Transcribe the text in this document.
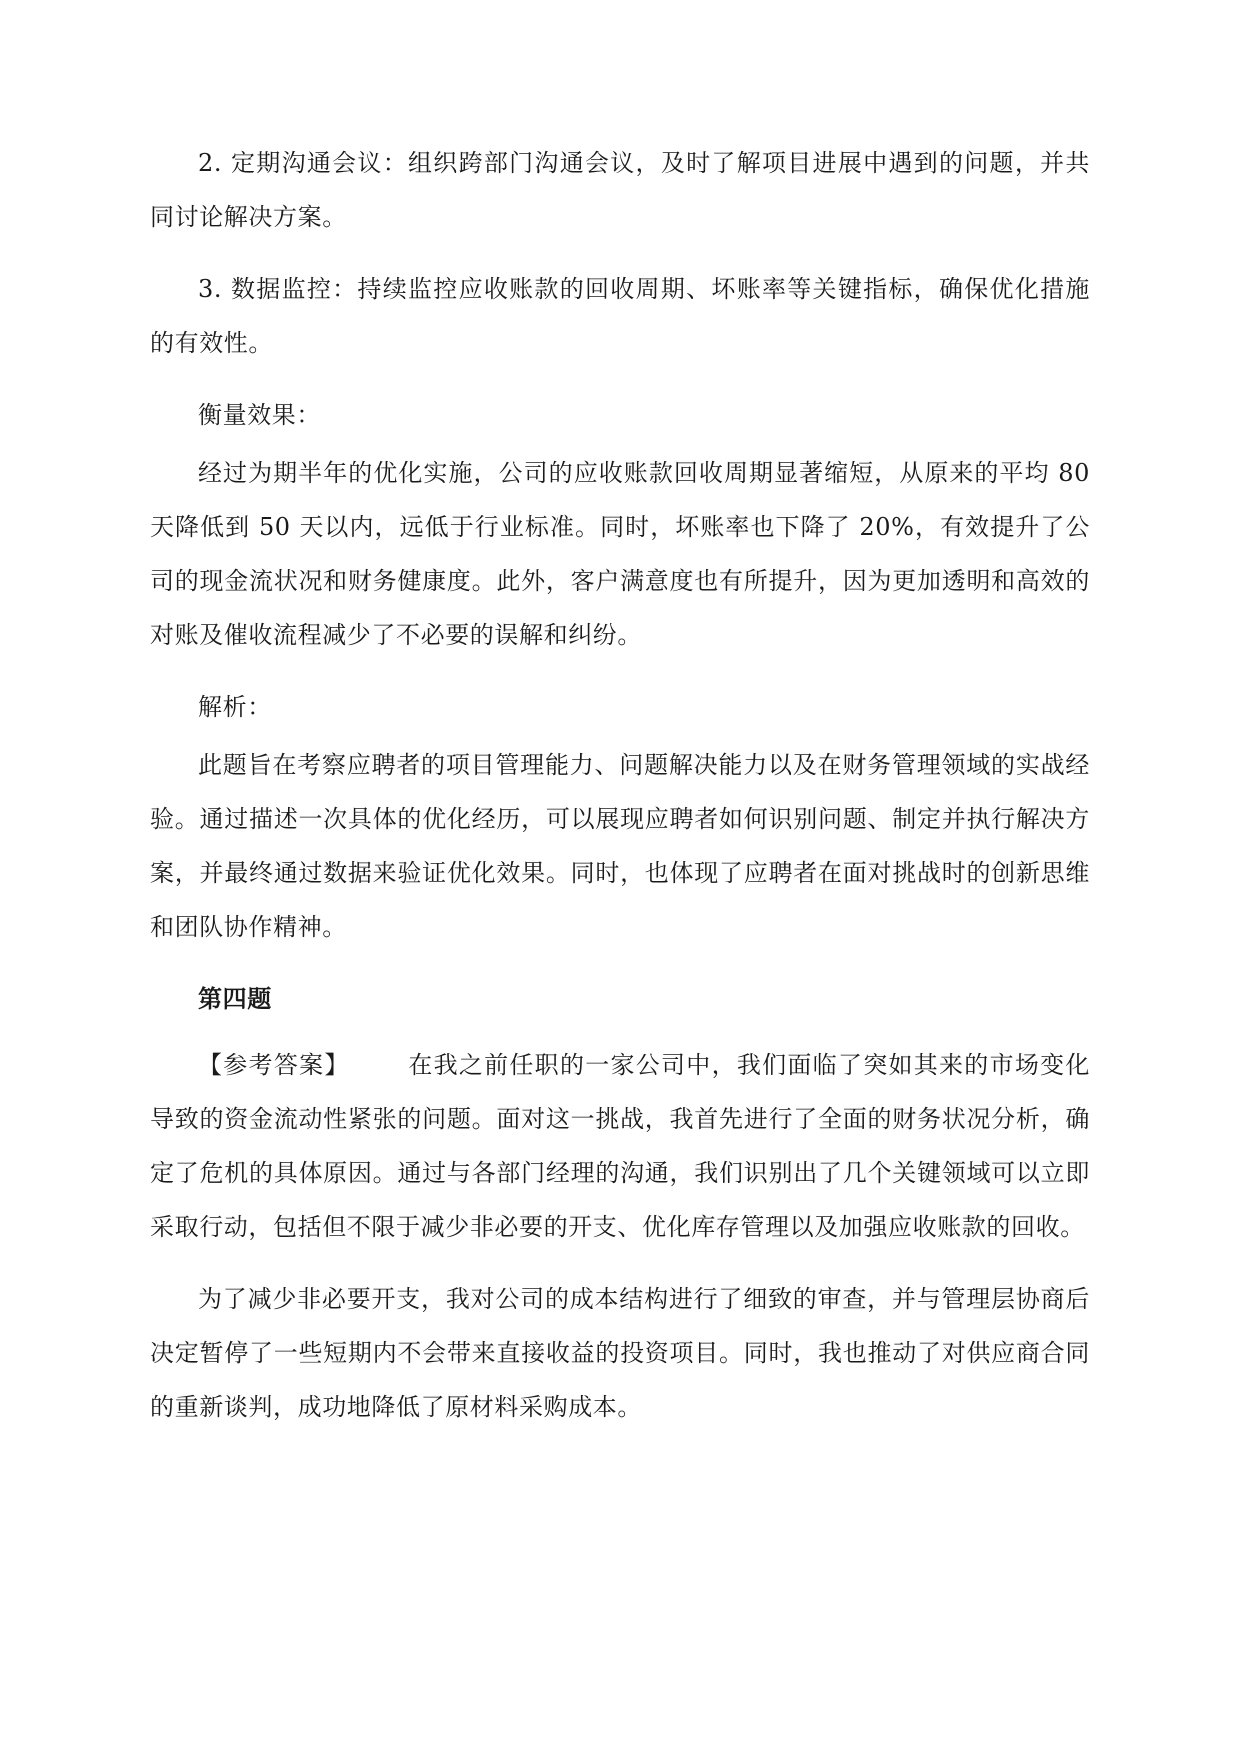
2. 定期沟通会议：组织跨部门沟通会议，及时了解项目进展中遇到的问题，并共同讨论解决方案。

3. 数据监控：持续监控应收账款的回收周期、坏账率等关键指标，确保优化措施的有效性。

衡量效果：

经过为期半年的优化实施，公司的应收账款回收周期显著缩短，从原来的平均 80 天降低到 50 天以内，远低于行业标准。同时，坏账率也下降了 20%，有效提升了公司的现金流状况和财务健康度。此外，客户满意度也有所提升，因为更加透明和高效的对账及催收流程减少了不必要的误解和纠纷。

解析：

此题旨在考察应聘者的项目管理能力、问题解决能力以及在财务管理领域的实战经验。通过描述一次具体的优化经历，可以展现应聘者如何识别问题、制定并执行解决方案，并最终通过数据来验证优化效果。同时，也体现了应聘者在面对挑战时的创新思维和团队协作精神。

第四题

【参考答案】 在我之前任职的一家公司中，我们面临了突如其来的市场变化导致的资金流动性紧张的问题。面对这一挑战，我首先进行了全面的财务状况分析，确定了危机的具体原因。通过与各部门经理的沟通，我们识别出了几个关键领域可以立即采取行动，包括但不限于减少非必要的开支、优化库存管理以及加强应收账款的回收。

为了减少非必要开支，我对公司的成本结构进行了细致的审查，并与管理层协商后决定暂停了一些短期内不会带来直接收益的投资项目。同时，我也推动了对供应商合同的重新谈判，成功地降低了原材料采购成本。
